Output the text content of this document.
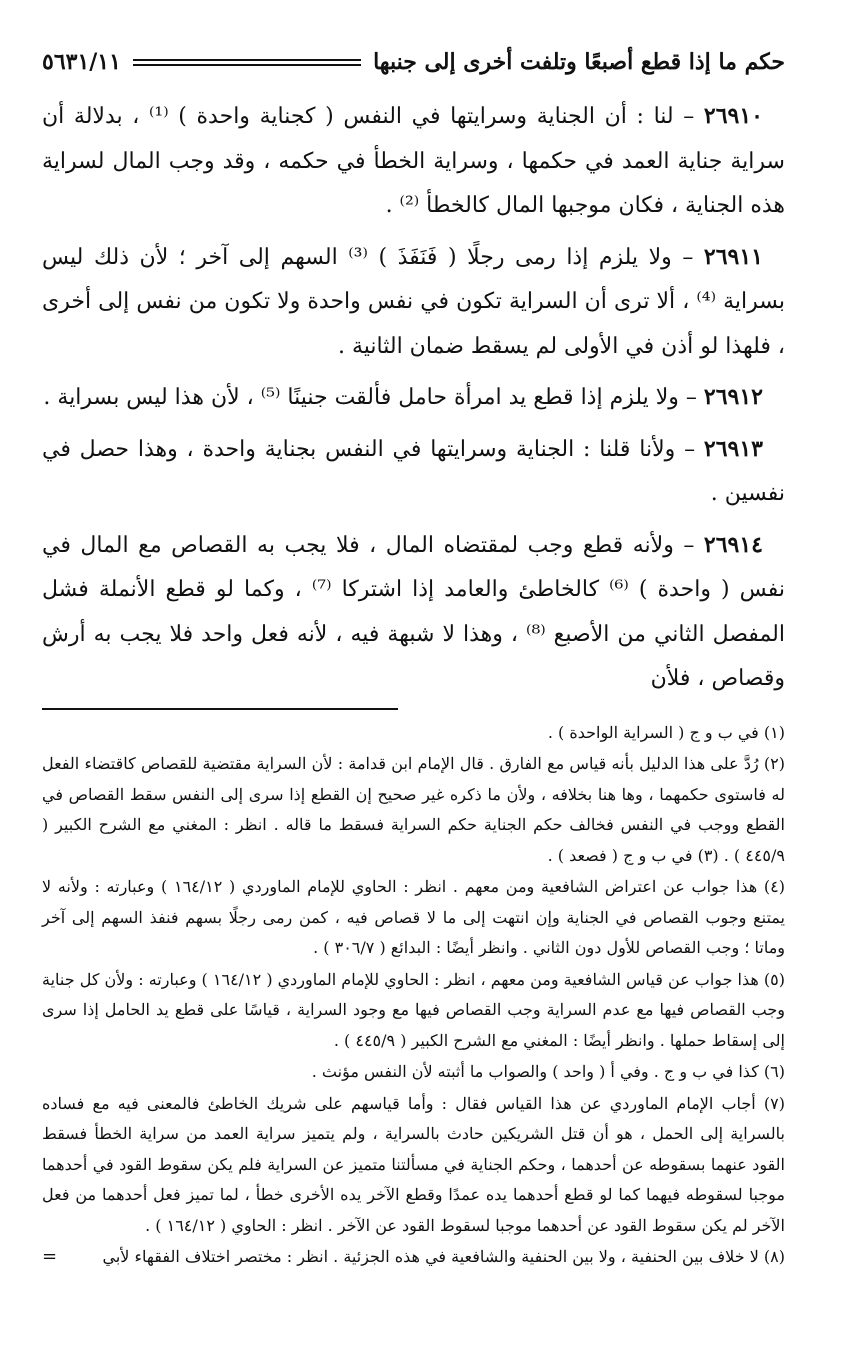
حكم ما إذا قطع أصبعًا وتلفت أخرى إلى جنبها
٥٦٣١/١١

٢٦٩١٠ – لنا : أن الجناية وسرايتها في النفس ( كجناية واحدة ) ⁽¹⁾ ، بدلالة أن سراية جناية العمد في حكمها ، وسراية الخطأ في حكمه ، وقد وجب المال لسراية هذه الجناية ، فكان موجبها المال كالخطأ ⁽²⁾ .

٢٦٩١١ – ولا يلزم إذا رمى رجلًا ( فَنَفَذَ ) ⁽³⁾ السهم إلى آخر ؛ لأن ذلك ليس بسراية ⁽⁴⁾ ، ألا ترى أن السراية تكون في نفس واحدة ولا تكون من نفس إلى أخرى ، فلهذا لو أذن في الأولى لم يسقط ضمان الثانية .

٢٦٩١٢ – ولا يلزم إذا قطع يد امرأة حامل فألقت جنينًا ⁽⁵⁾ ، لأن هذا ليس بسراية .

٢٦٩١٣ – ولأنا قلنا : الجناية وسرايتها في النفس بجناية واحدة ، وهذا حصل في نفسين .

٢٦٩١٤ – ولأنه قطع وجب لمقتضاه المال ، فلا يجب به القصاص مع المال في نفس ( واحدة ) ⁽⁶⁾ كالخاطئ والعامد إذا اشتركا ⁽⁷⁾ ، وكما لو قطع الأنملة فشل المفصل الثاني من الأصبع ⁽⁸⁾ ، وهذا لا شبهة فيه ، لأنه فعل واحد فلا يجب به أرش وقصاص ، فلأن

(١) في ب و ج ( السراية الواحدة ) .

(٢) رُدَّ على هذا الدليل بأنه قياس مع الفارق . قال الإمام ابن قدامة : لأن السراية مقتضية للقصاص كاقتضاء الفعل له فاستوى حكمهما ، وها هنا بخلافه ، ولأن ما ذكره غير صحيح إن القطع إذا سرى إلى النفس سقط القصاص في القطع ووجب في النفس فخالف حكم الجناية حكم السراية فسقط ما قاله . انظر : المغني مع الشرح الكبير ( ٤٤٥/٩ ) . (٣) في ب و ج ( فصعد ) .

(٤) هذا جواب عن اعتراض الشافعية ومن معهم . انظر : الحاوي للإمام الماوردي ( ١٦٤/١٢ ) وعبارته : ولأنه لا يمتنع وجوب القصاص في الجناية وإن انتهت إلى ما لا قصاص فيه ، كمن رمى رجلًا بسهم فنفذ السهم إلى آخر وماتا ؛ وجب القصاص للأول دون الثاني . وانظر أيضًا : البدائع ( ٣٠٦/٧ ) .

(٥) هذا جواب عن قياس الشافعية ومن معهم ، انظر : الحاوي للإمام الماوردي ( ١٦٤/١٢ ) وعبارته : ولأن كل جناية وجب القصاص فيها مع عدم السراية وجب القصاص فيها مع وجود السراية ، قياسًا على قطع يد الحامل إذا سرى إلى إسقاط حملها . وانظر أيضًا : المغني مع الشرح الكبير ( ٤٤٥/٩ ) .

(٦) كذا في ب و ج . وفي أ ( واحد ) والصواب ما أثبته لأن النفس مؤنث .

(٧) أجاب الإمام الماوردي عن هذا القياس فقال : وأما قياسهم على شريك الخاطئ فالمعنى فيه مع فساده بالسراية إلى الحمل ، هو أن قتل الشريكين حادث بالسراية ، ولم يتميز سراية العمد من سراية الخطأ فسقط القود عنهما بسقوطه عن أحدهما ، وحكم الجناية في مسألتنا متميز عن السراية فلم يكن سقوط القود في أحدهما موجبا لسقوطه فيهما كما لو قطع أحدهما يده عمدًا وقطع الآخر يده الأخرى خطأ ، لما تميز فعل أحدهما من فعل الآخر لم يكن سقوط القود عن أحدهما موجبا لسقوط القود عن الآخر . انظر : الحاوي ( ١٦٤/١٢ ) .

(٨) لا خلاف بين الحنفية ، ولا بين الحنفية والشافعية في هذه الجزئية . انظر : مختصر اختلاف الفقهاء لأبي
=
